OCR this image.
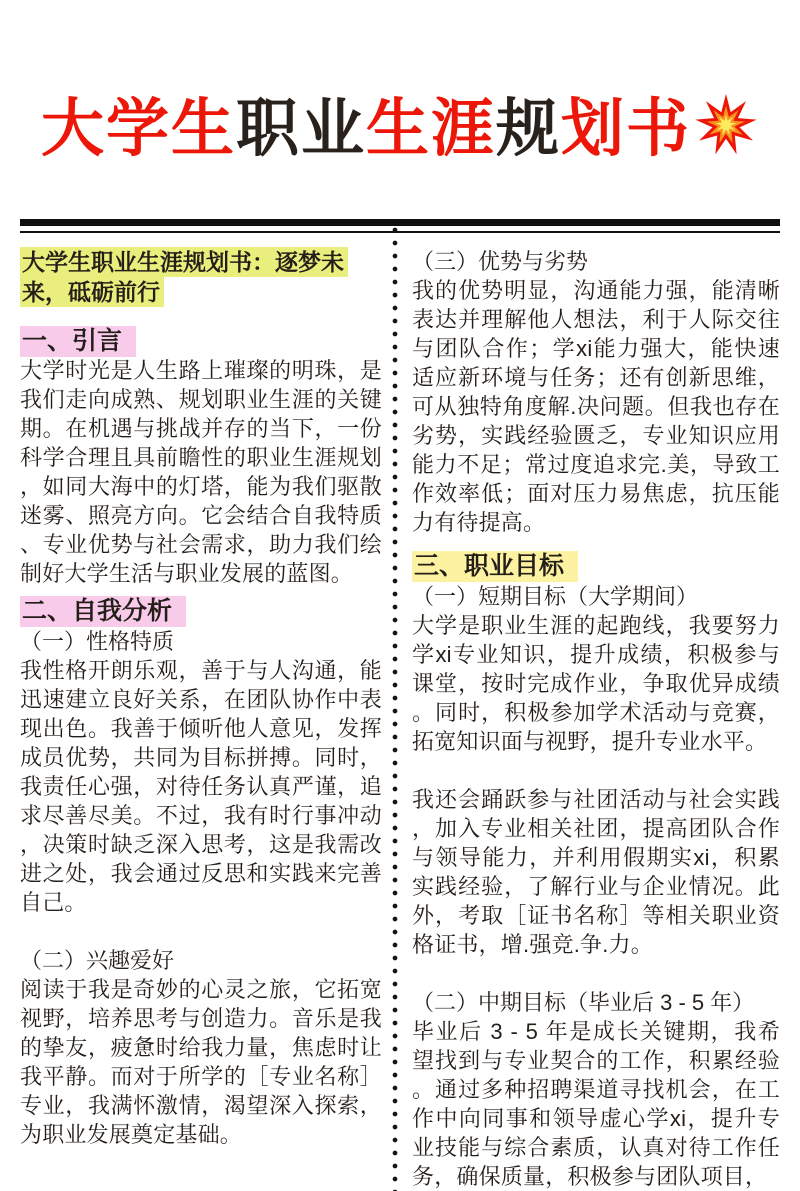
大学生职业生涯规划书

大学生职业生涯规划书：逐梦未来，砥砺前行

一、引言

大学时光是人生路上璀璨的明珠，是我们走向成熟、规划职业生涯的关键期。在机遇与挑战并存的当下，一份科学合理且具前瞻性的职业生涯规划，如同大海中的灯塔，能为我们驱散迷雾、照亮方向。它会结合自我特质、专业优势与社会需求，助力我们绘制好大学生活与职业发展的蓝图。

二、自我分析

（一）性格特质

我性格开朗乐观，善于与人沟通，能迅速建立良好关系，在团队协作中表现出色。我善于倾听他人意见，发挥成员优势，共同为目标拼搏。同时，我责任心强，对待任务认真严谨，追求尽善尽美。不过，我有时行事冲动，决策时缺乏深入思考，这是我需改进之处，我会通过反思和实践来完善自己。

（二）兴趣爱好

阅读于我是奇妙的心灵之旅，它拓宽视野，培养思考与创造力。音乐是我的挚友，疲惫时给我力量，焦虑时让我平静。而对于所学的［专业名称］专业，我满怀激情，渴望深入探索，为职业发展奠定基础。

（三）优势与劣势

我的优势明显，沟通能力强，能清晰表达并理解他人想法，利于人际交往与团队合作；学xi能力强大，能快速适应新环境与任务；还有创新思维，可从独特角度解.决问题。但我也存在劣势，实践经验匮乏，专业知识应用能力不足；常过度追求完.美，导致工作效率低；面对压力易焦虑，抗压能力有待提高。

三、职业目标

（一）短期目标（大学期间）

大学是职业生涯的起跑线，我要努力学xi专业知识，提升成绩，积极参与课堂，按时完成作业，争取优异成绩。同时，积极参加学术活动与竞赛，拓宽知识面与视野，提升专业水平。

我还会踊跃参与社团活动与社会实践，加入专业相关社团，提高团队合作与领导能力，并利用假期实xi，积累实践经验，了解行业与企业情况。此外，考取［证书名称］等相关职业资格证书，增.强竞.争.力。

（二）中期目标（毕业后 3 - 5 年）

毕业后 3 - 5 年是成长关键期，我希望找到与专业契合的工作，积累经验。通过多种招聘渠道寻找机会，在工作中向同事和领导虚心学xi，提升专业技能与综合素质，认真对待工作任务，确保质量，积极参与团队项目，
